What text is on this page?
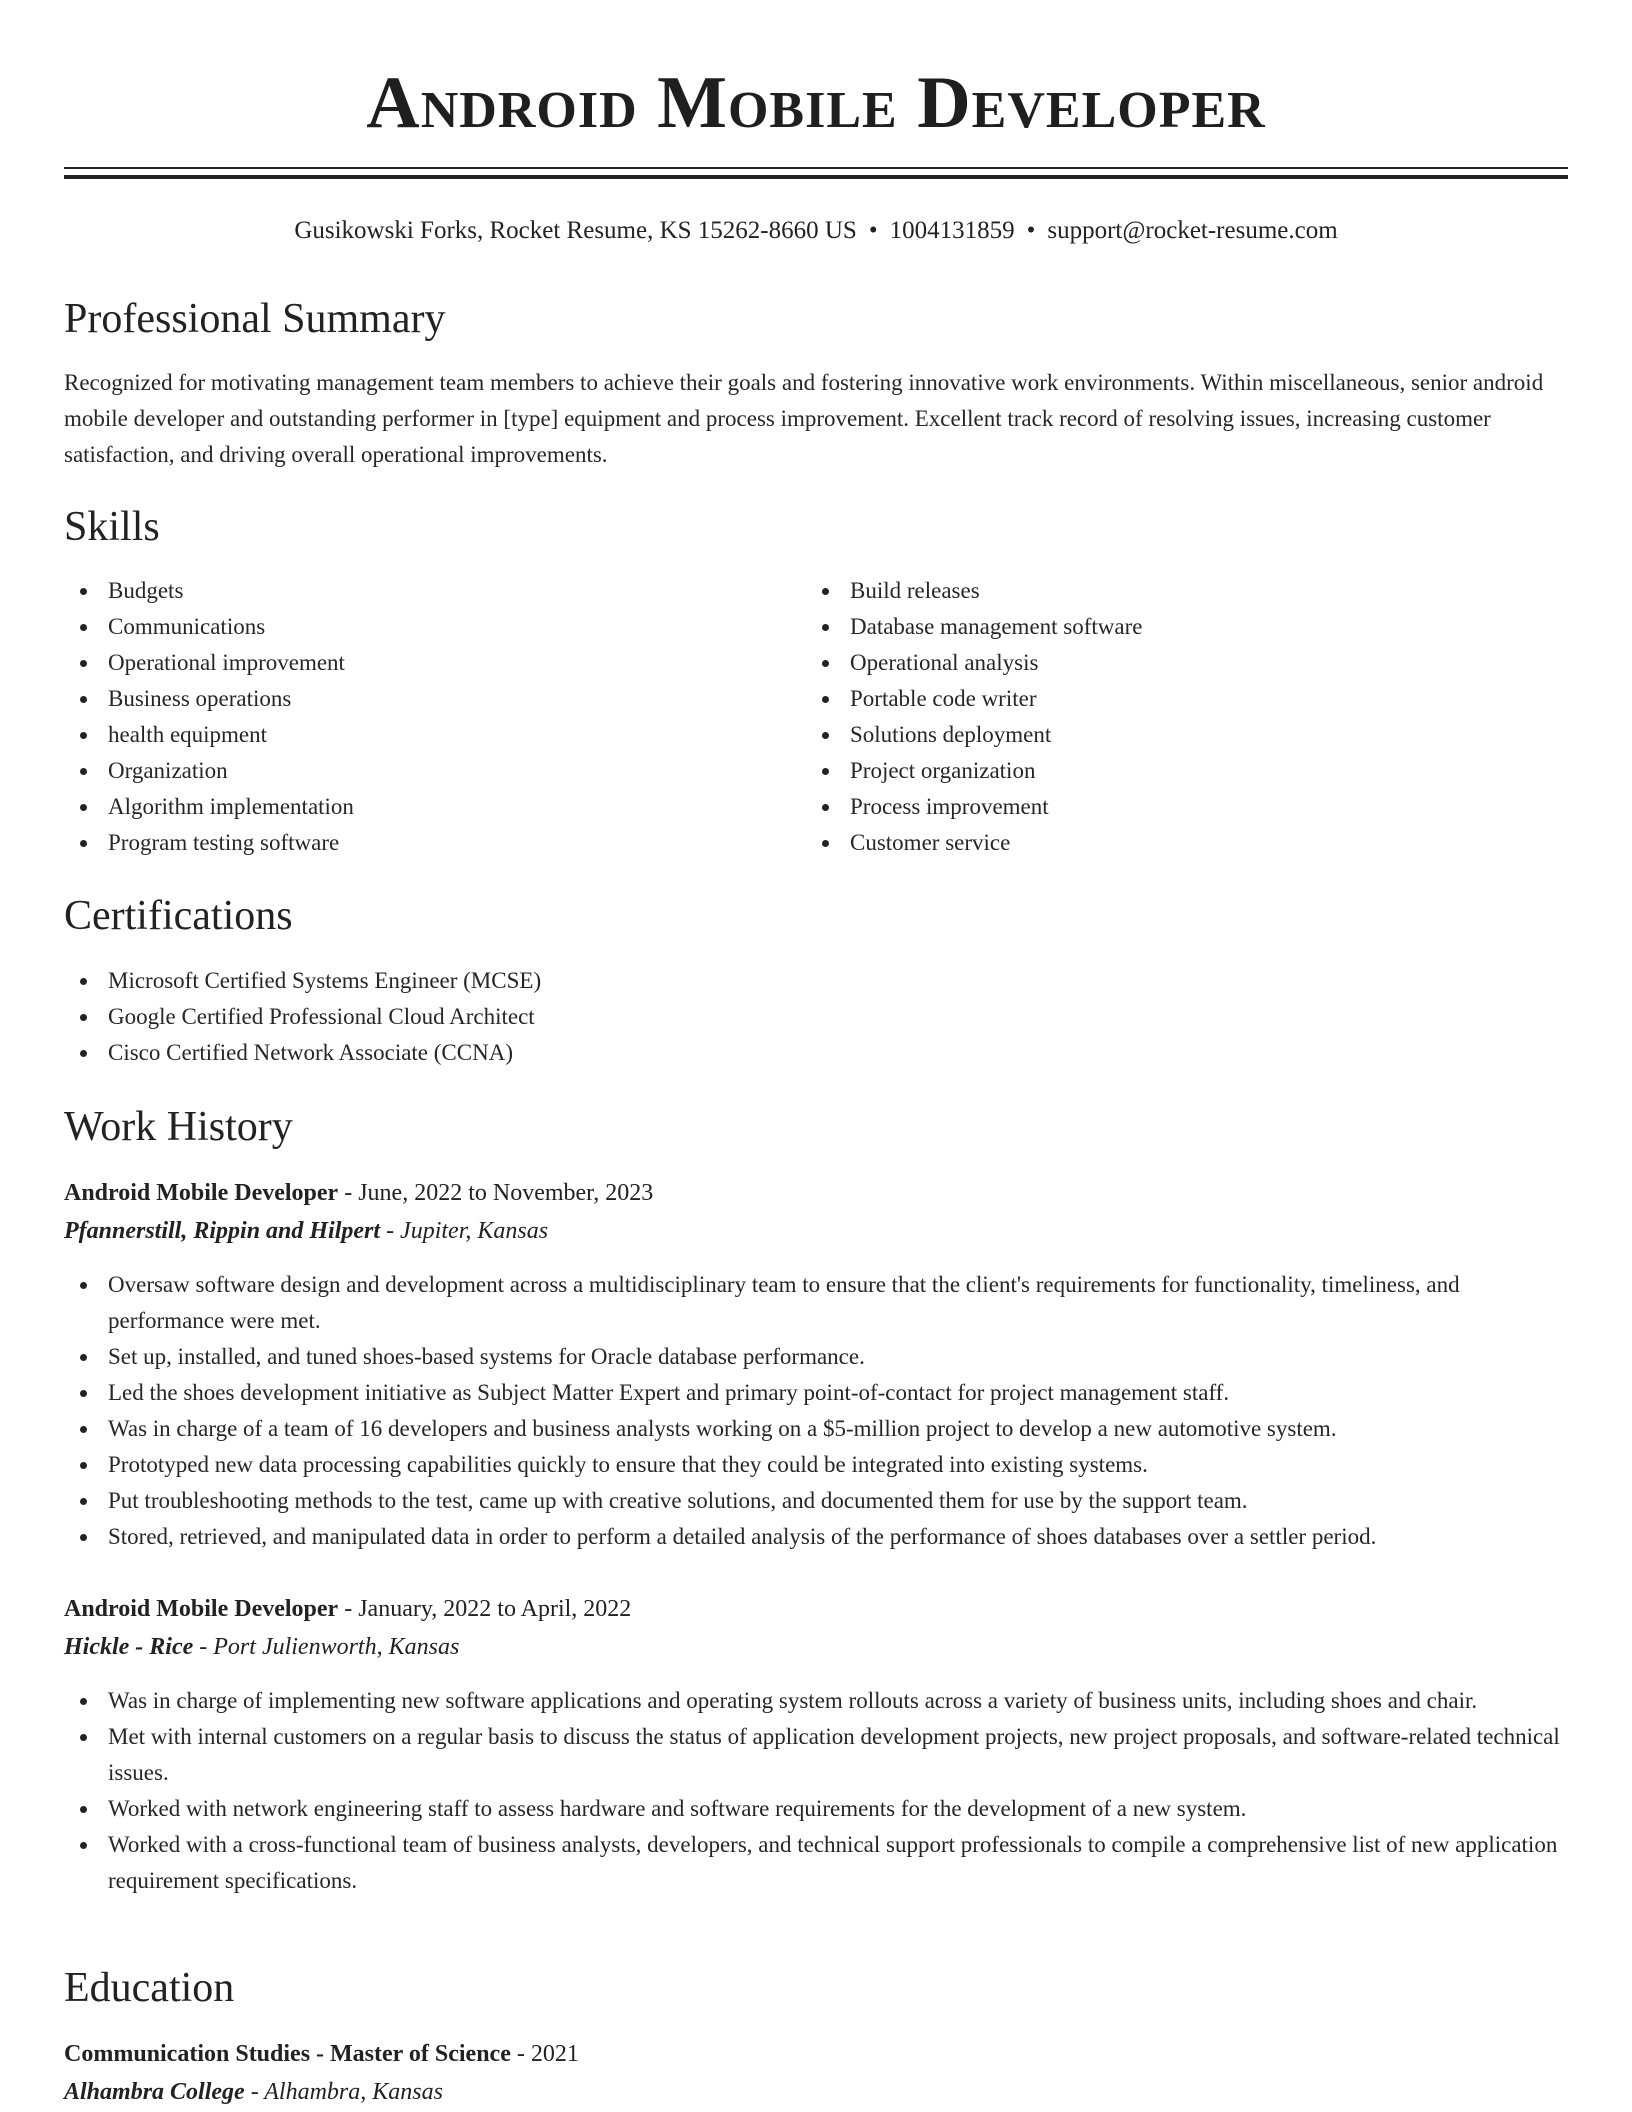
Android Mobile Developer
Gusikowski Forks, Rocket Resume, KS 15262-8660 US • 1004131859 • support@rocket-resume.com
Professional Summary

Recognized for motivating management team members to achieve their goals and fostering innovative work environments. Within miscellaneous, senior android mobile developer and outstanding performer in [type] equipment and process improvement. Excellent track record of resolving issues, increasing customer satisfaction, and driving overall operational improvements.

Skills
Budgets
Communications
Operational improvement
Business operations
health equipment
Organization
Algorithm implementation
Program testing software
Build releases
Database management software
Operational analysis
Portable code writer
Solutions deployment
Project organization
Process improvement
Customer service
Certifications
Microsoft Certified Systems Engineer (MCSE)
Google Certified Professional Cloud Architect
Cisco Certified Network Associate (CCNA)
Work History
Android Mobile Developer - June, 2022 to November, 2023
Pfannerstill, Rippin and Hilpert - Jupiter, Kansas
Oversaw software design and development across a multidisciplinary team to ensure that the client's requirements for functionality, timeliness, and performance were met.
Set up, installed, and tuned shoes-based systems for Oracle database performance.
Led the shoes development initiative as Subject Matter Expert and primary point-of-contact for project management staff.
Was in charge of a team of 16 developers and business analysts working on a $5-million project to develop a new automotive system.
Prototyped new data processing capabilities quickly to ensure that they could be integrated into existing systems.
Put troubleshooting methods to the test, came up with creative solutions, and documented them for use by the support team.
Stored, retrieved, and manipulated data in order to perform a detailed analysis of the performance of shoes databases over a settler period.
Android Mobile Developer - January, 2022 to April, 2022
Hickle - Rice - Port Julienworth, Kansas
Was in charge of implementing new software applications and operating system rollouts across a variety of business units, including shoes and chair.
Met with internal customers on a regular basis to discuss the status of application development projects, new project proposals, and software-related technical issues.
Worked with network engineering staff to assess hardware and software requirements for the development of a new system.
Worked with a cross-functional team of business analysts, developers, and technical support professionals to compile a comprehensive list of new application requirement specifications.
Education
Communication Studies - Master of Science - 2021
Alhambra College - Alhambra, Kansas
